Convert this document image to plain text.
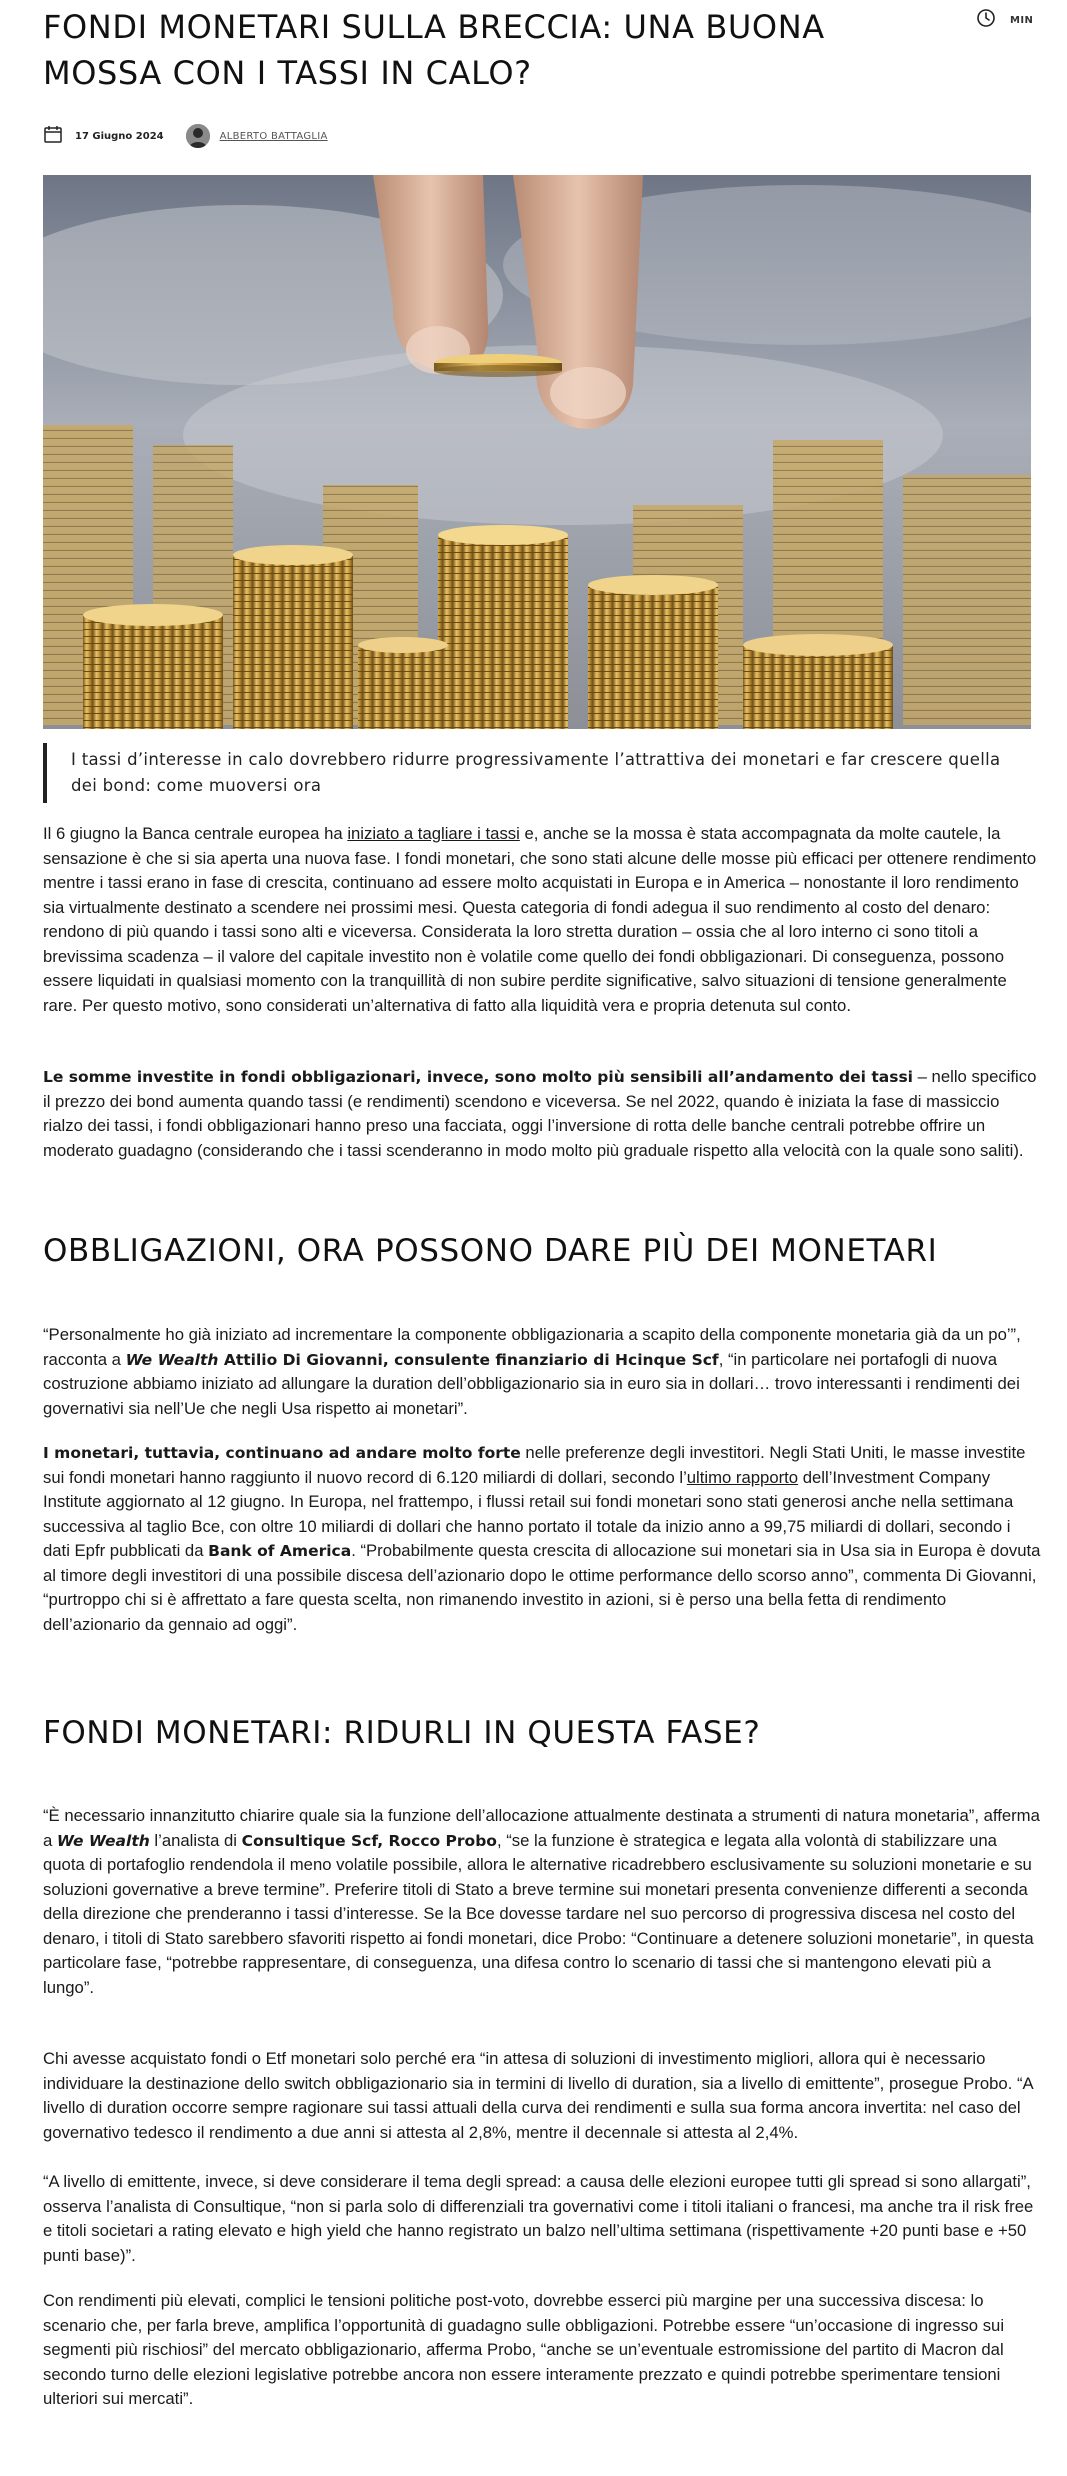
FONDI MONETARI SULLA BRECCIA: UNA BUONA MOSSA CON I TASSI IN CALO?
MIN
17 Giugno 2024	ALBERTO BATTAGLIA
I tassi d’interesse in calo dovrebbero ridurre progressivamente l’attrattiva dei monetari e far crescere quella dei bond: come muoversi ora

Il 6 giugno la Banca centrale europea ha iniziato a tagliare i tassi e, anche se la mossa è stata accompagnata da molte cautele, la sensazione è che si sia aperta una nuova fase. I fondi monetari, che sono stati alcune delle mosse più efficaci per ottenere rendimento mentre i tassi erano in fase di crescita, continuano ad essere molto acquistati in Europa e in America – nonostante il loro rendimento sia virtualmente destinato a scendere nei prossimi mesi. Questa categoria di fondi adegua il suo rendimento al costo del denaro: rendono di più quando i tassi sono alti e viceversa. Considerata la loro stretta duration – ossia che al loro interno ci sono titoli a brevissima scadenza – il valore del capitale investito non è volatile come quello dei fondi obbligazionari. Di conseguenza, possono essere liquidati in qualsiasi momento con la tranquillità di non subire perdite significative, salvo situazioni di tensione generalmente rare. Per questo motivo, sono considerati un’alternativa di fatto alla liquidità vera e propria detenuta sul conto.

Le somme investite in fondi obbligazionari, invece, sono molto più sensibili all’andamento dei tassi – nello specifico il prezzo dei bond aumenta quando tassi (e rendimenti) scendono e viceversa. Se nel 2022, quando è iniziata la fase di massiccio rialzo dei tassi, i fondi obbligazionari hanno preso una facciata, oggi l’inversione di rotta delle banche centrali potrebbe offrire un moderato guadagno (considerando che i tassi scenderanno in modo molto più graduale rispetto alla velocità con la quale sono saliti).

OBBLIGAZIONI, ORA POSSONO DARE PIÙ DEI MONETARI

“Personalmente ho già iniziato ad incrementare la componente obbligazionaria a scapito della componente monetaria già da un po’”, racconta a We Wealth Attilio Di Giovanni, consulente finanziario di Hcinque Scf, “in particolare nei portafogli di nuova costruzione abbiamo iniziato ad allungare la duration dell’obbligazionario sia in euro sia in dollari… trovo interessanti i rendimenti dei governativi sia nell’Ue che negli Usa rispetto ai monetari”.

I monetari, tuttavia, continuano ad andare molto forte nelle preferenze degli investitori. Negli Stati Uniti, le masse investite sui fondi monetari hanno raggiunto il nuovo record di 6.120 miliardi di dollari, secondo l’ultimo rapporto dell’Investment Company Institute aggiornato al 12 giugno. In Europa, nel frattempo, i flussi retail sui fondi monetari sono stati generosi anche nella settimana successiva al taglio Bce, con oltre 10 miliardi di dollari che hanno portato il totale da inizio anno a 99,75 miliardi di dollari, secondo i dati Epfr pubblicati da Bank of America. “Probabilmente questa crescita di allocazione sui monetari sia in Usa sia in Europa è dovuta al timore degli investitori di una possibile discesa dell’azionario dopo le ottime performance dello scorso anno”, commenta Di Giovanni, “purtroppo chi si è affrettato a fare questa scelta, non rimanendo investito in azioni, si è perso una bella fetta di rendimento dell’azionario da gennaio ad oggi”.

FONDI MONETARI: RIDURLI IN QUESTA FASE?

“È necessario innanzitutto chiarire quale sia la funzione dell’allocazione attualmente destinata a strumenti di natura monetaria”, afferma a We Wealth l’analista di Consultique Scf, Rocco Probo, “se la funzione è strategica e legata alla volontà di stabilizzare una quota di portafoglio rendendola il meno volatile possibile, allora le alternative ricadrebbero esclusivamente su soluzioni monetarie e su soluzioni governative a breve termine”. Preferire titoli di Stato a breve termine sui monetari presenta convenienze differenti a seconda della direzione che prenderanno i tassi d’interesse. Se la Bce dovesse tardare nel suo percorso di progressiva discesa nel costo del denaro, i titoli di Stato sarebbero sfavoriti rispetto ai fondi monetari, dice Probo: “Continuare a detenere soluzioni monetarie”, in questa particolare fase, “potrebbe rappresentare, di conseguenza, una difesa contro lo scenario di tassi che si mantengono elevati più a lungo”.

Chi avesse acquistato fondi o Etf monetari solo perché era “in attesa di soluzioni di investimento migliori, allora qui è necessario individuare la destinazione dello switch obbligazionario sia in termini di livello di duration, sia a livello di emittente”, prosegue Probo. “A livello di duration occorre sempre ragionare sui tassi attuali della curva dei rendimenti e sulla sua forma ancora invertita: nel caso del governativo tedesco il rendimento a due anni si attesta al 2,8%, mentre il decennale si attesta al 2,4%.

“A livello di emittente, invece, si deve considerare il tema degli spread: a causa delle elezioni europee tutti gli spread si sono allargati”, osserva l’analista di Consultique, “non si parla solo di differenziali tra governativi come i titoli italiani o francesi, ma anche tra il risk free e titoli societari a rating elevato e high yield che hanno registrato un balzo nell’ultima settimana (rispettivamente +20 punti base e +50 punti base)”.

Con rendimenti più elevati, complici le tensioni politiche post-voto, dovrebbe esserci più margine per una successiva discesa: lo scenario che, per farla breve, amplifica l’opportunità di guadagno sulle obbligazioni. Potrebbe essere “un’occasione di ingresso sui segmenti più rischiosi” del mercato obbligazionario, afferma Probo, “anche se un’eventuale estromissione del partito di Macron dal secondo turno delle elezioni legislative potrebbe ancora non essere interamente prezzato e quindi potrebbe sperimentare tensioni ulteriori sui mercati”.
